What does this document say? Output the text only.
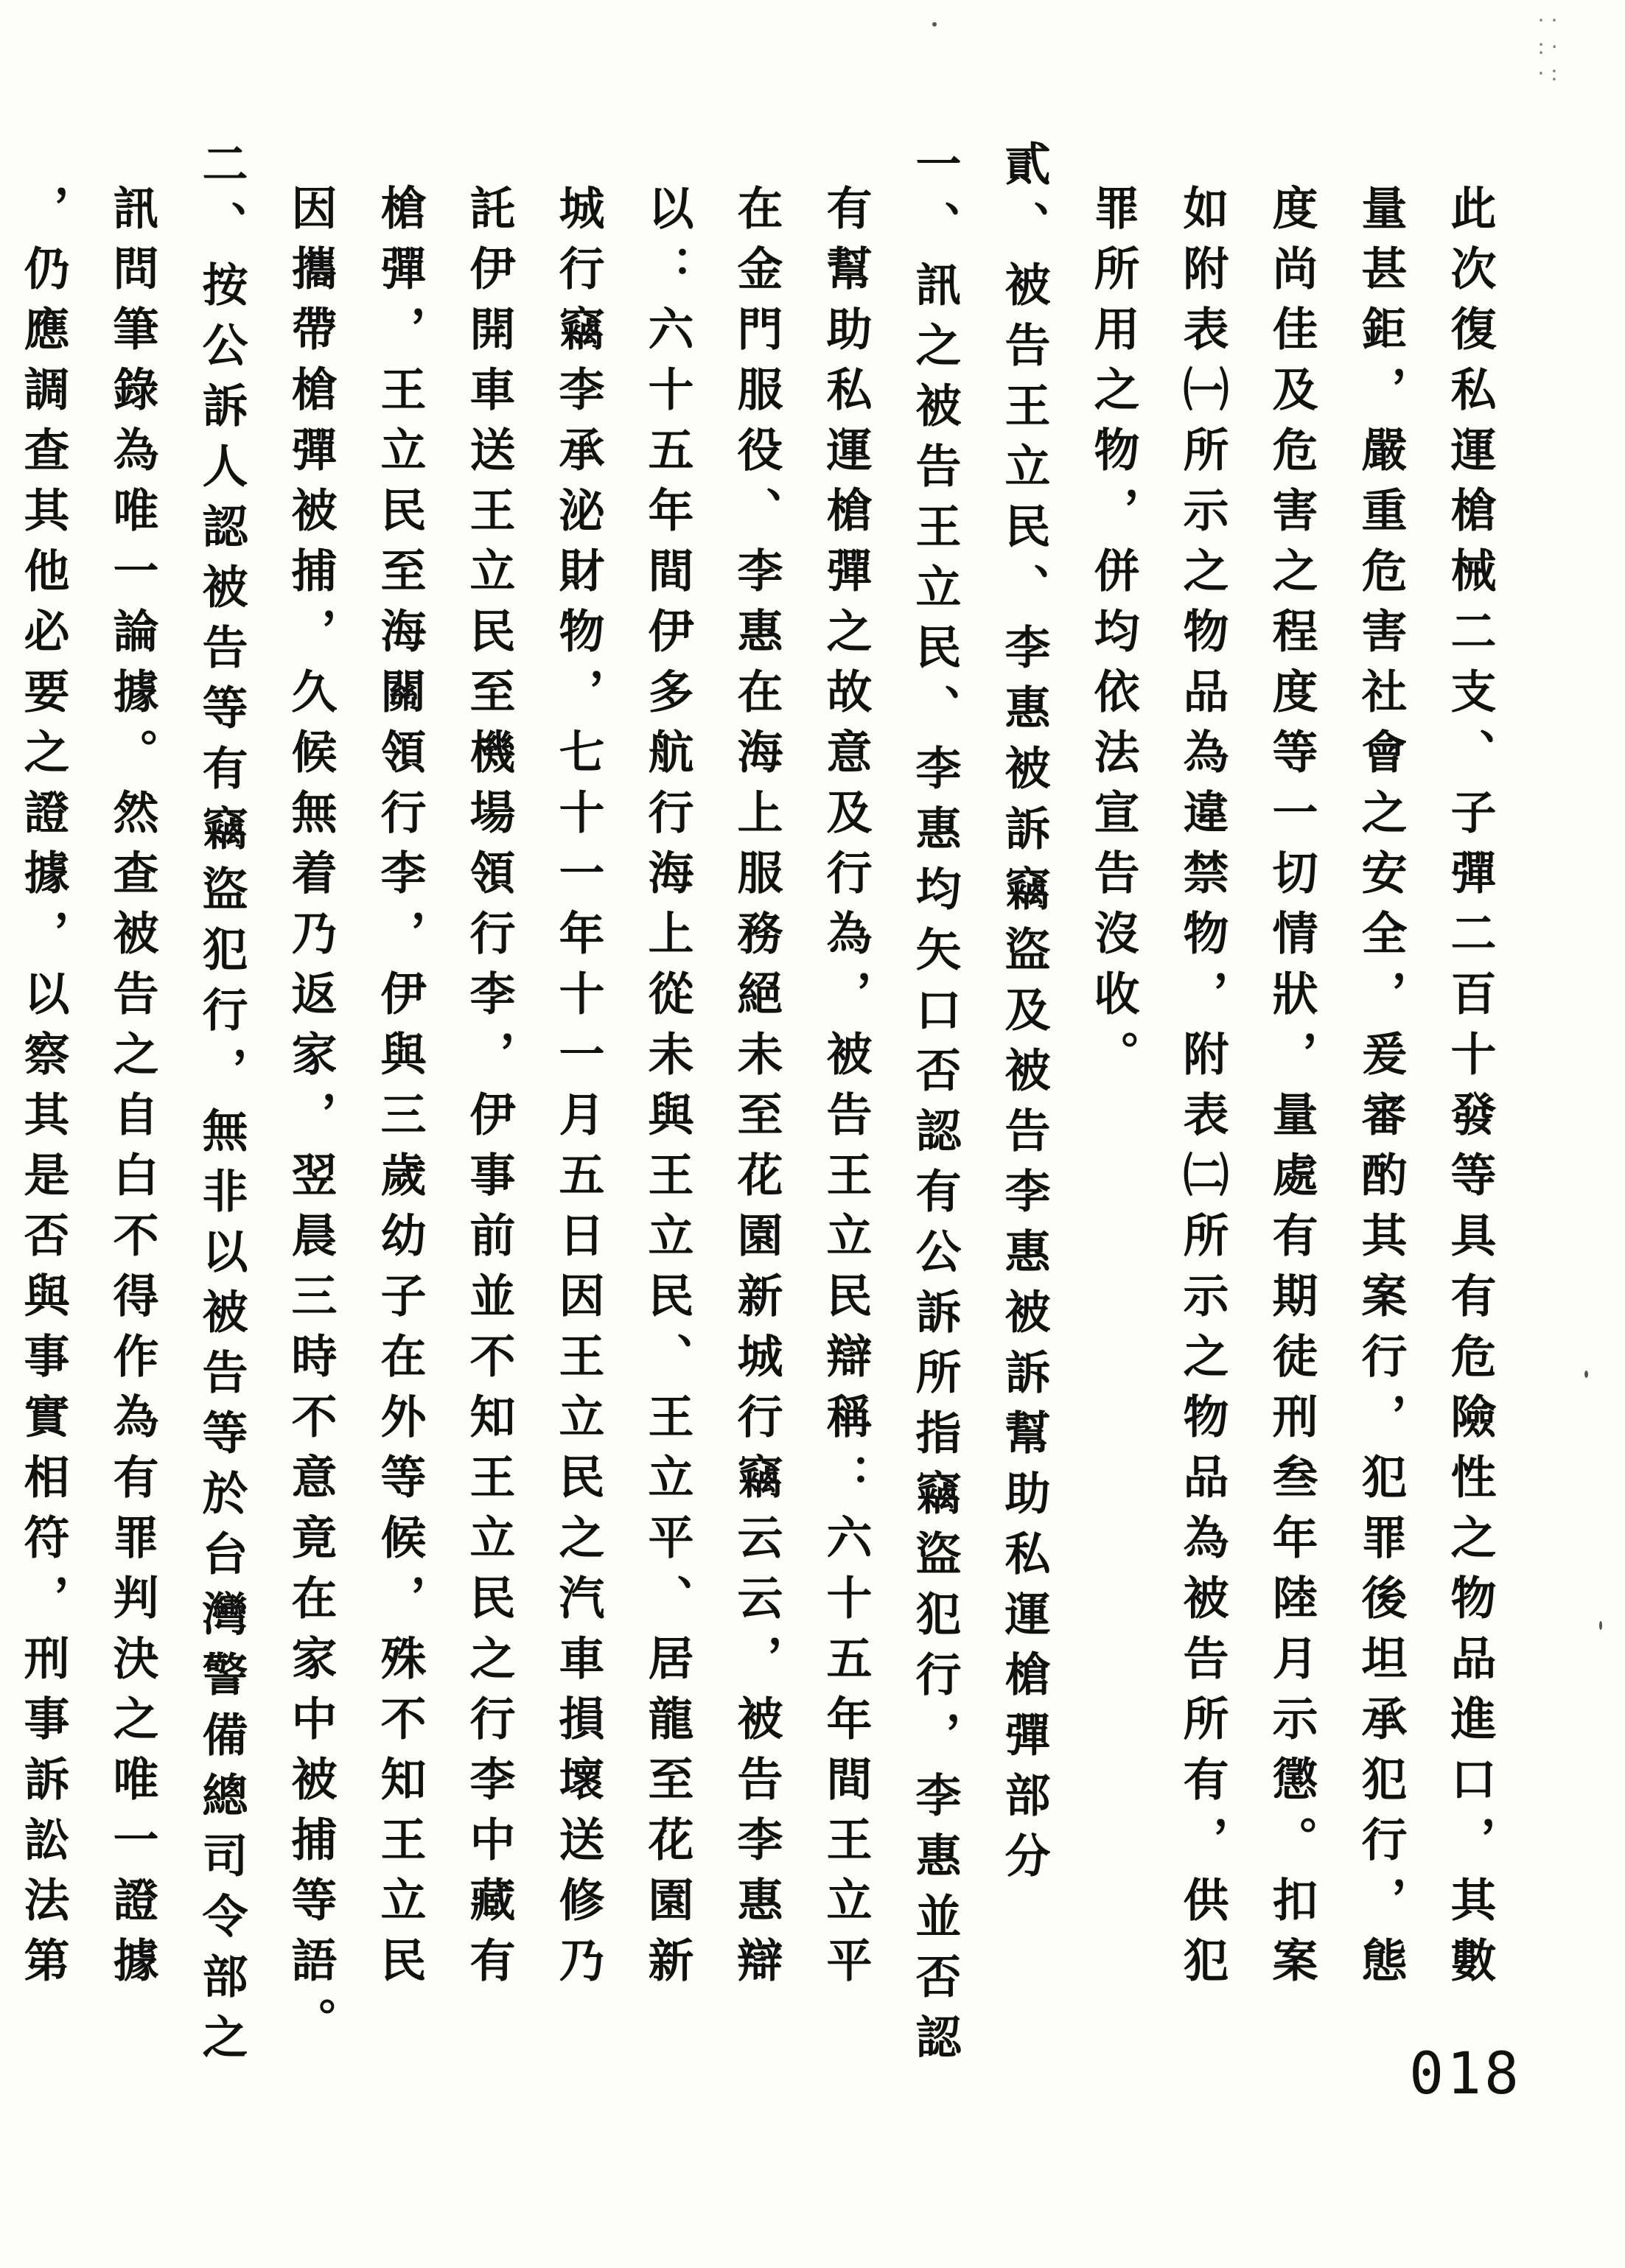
· ·
: ·
· :
此次復私運槍械二支、子彈二百十發等具有危險性之物品進口，其數
量甚鉅，嚴重危害社會之安全，爰審酌其案行，犯罪後坦承犯行，態
度尚佳及危害之程度等一切情狀，量處有期徒刑叁年陸月示懲。扣案
如附表㈠所示之物品為違禁物，附表㈡所示之物品為被告所有，供犯
罪所用之物，併均依法宣告沒收。
貳、被告王立民、李惠被訴竊盜及被告李惠被訴幫助私運槍彈部分
一、訊之被告王立民、李惠均矢口否認有公訴所指竊盜犯行，李惠並否認
有幫助私運槍彈之故意及行為，被告王立民辯稱：六十五年間王立平
在金門服役、李惠在海上服務絕未至花園新城行竊云云，被告李惠辯
以：六十五年間伊多航行海上從未與王立民、王立平、居龍至花園新
城行竊李承泌財物，七十一年十一月五日因王立民之汽車損壞送修乃
託伊開車送王立民至機場領行李，伊事前並不知王立民之行李中藏有
槍彈，王立民至海關領行李，伊與三歲幼子在外等候，殊不知王立民
因攜帶槍彈被捕，久候無着乃返家，翌晨三時不意竟在家中被捕等語。
二、按公訴人認被告等有竊盜犯行，無非以被告等於台灣警備總司令部之
訊問筆錄為唯一論據。然查被告之自白不得作為有罪判決之唯一證據
，仍應調查其他必要之證據，以察其是否與事實相符，刑事訴訟法第
018
